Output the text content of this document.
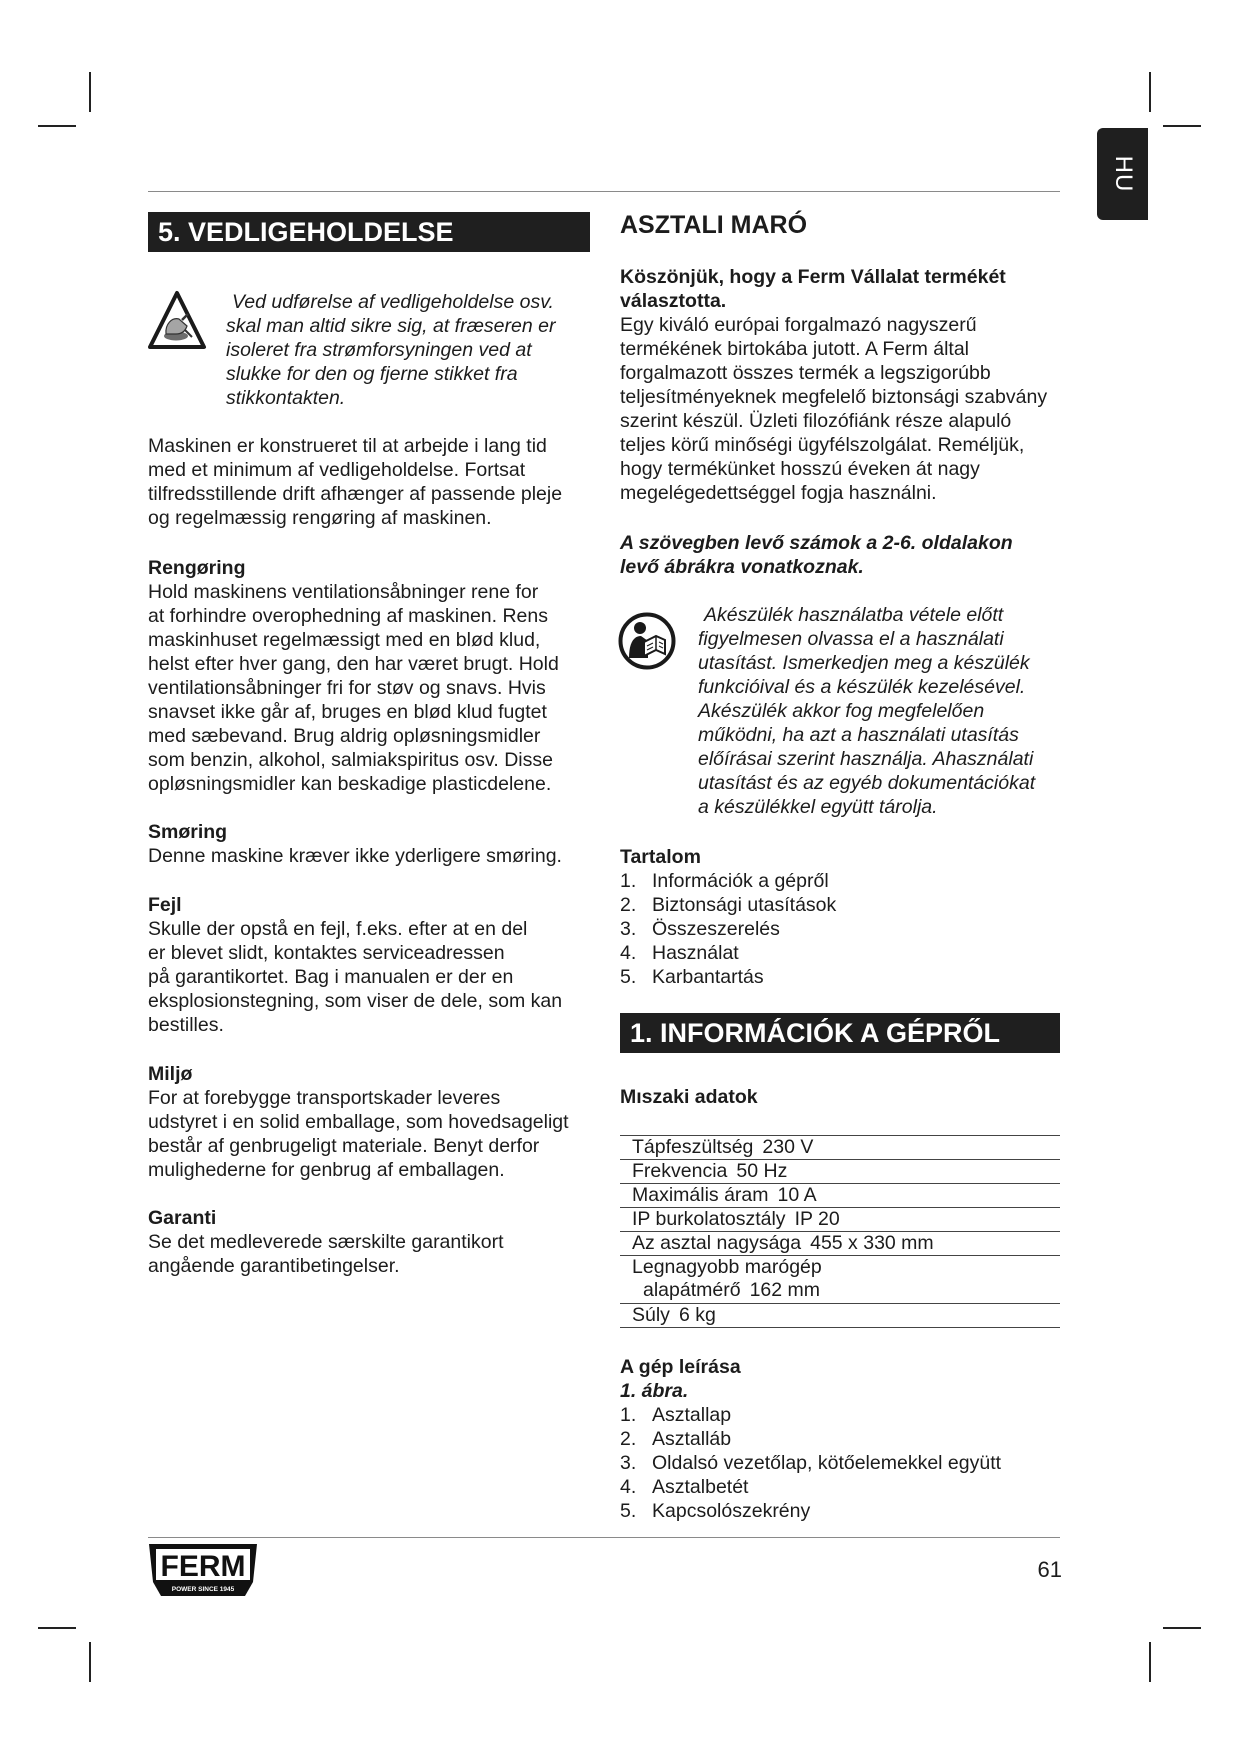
HU
5. VEDLIGEHOLDELSE
Ved udførelse af vedligeholdelse osv.
skal man altid sikre sig, at fræseren er
isoleret fra strømforsyningen ved at
slukke for den og fjerne stikket fra
stikkontakten.
Maskinen er konstrueret til at arbejde i lang tid
med et minimum af vedligeholdelse. Fortsat
tilfredsstillende drift afhænger af passende pleje
og regelmæssig rengøring af maskinen.
Rengøring
Hold maskinens ventilationsåbninger rene for
at forhindre overophedning af maskinen. Rens
maskinhuset regelmæssigt med en blød klud,
helst efter hver gang, den har været brugt. Hold
ventilationsåbninger fri for støv og snavs. Hvis
snavset ikke går af, bruges en blød klud fugtet
med sæbevand. Brug aldrig opløsningsmidler
som benzin, alkohol, salmiakspiritus osv. Disse
opløsningsmidler kan beskadige plasticdelene.
Smøring
Denne maskine kræver ikke yderligere smøring.
Fejl
Skulle der opstå en fejl, f.eks. efter at en del
er blevet slidt, kontaktes serviceadressen
på garantikortet. Bag i manualen er der en
eksplosionstegning, som viser de dele, som kan
bestilles.
Miljø
For at forebygge transportskader leveres
udstyret i en solid emballage, som hovedsageligt
består af genbrugeligt materiale. Benyt derfor
mulighederne for genbrug af emballagen.
Garanti
Se det medleverede særskilte garantikort
angående garantibetingelser.
ASZTALI MARÓ
Köszönjük, hogy a Ferm Vállalat termékét
választotta.
Egy kiváló európai forgalmazó nagyszerű
termékének birtokába jutott. A Ferm által
forgalmazott összes termék a legszigorúbb
teljesítményeknek megfelelő biztonsági szabvány
szerint készül. Üzleti filozófiánk része alapuló
teljes körű minőségi ügyfélszolgálat. Reméljük,
hogy termékünket hosszú éveken át nagy
megelégedettséggel fogja használni.
A szövegben levő számok a 2-6. oldalakon
levő ábrákra vonatkoznak.
Akészülék használatba vétele előtt
figyelmesen olvassa el a használati
utasítást. Ismerkedjen meg a készülék
funkcióival és a készülék kezelésével.
Akészülék akkor fog megfelelően
működni, ha azt a használati utasítás
előírásai szerint használja. Ahasználati
utasítást és az egyéb dokumentációkat
a készülékkel együtt tárolja.
Tartalom
1. Információk a gépről
2. Biztonsági utasítások
3. Összeszerelés
4. Használat
5. Karbantartás
1. INFORMÁCIÓK A GÉPRŐL
Mıszaki adatok
Tápfeszültség 230 V
Frekvencia 50 Hz
Maximális áram 10 A
IP burkolatosztály IP 20
Az asztal nagysága 455 x 330 mm
Legnagyobb marógép
alapátmérő 162 mm
Súly 6 kg
A gép leírása
1. ábra.
1. Asztallap
2. Asztalláb
3. Oldalsó vezetőlap, kötőelemekkel együtt
4. Asztalbetét
5. Kapcsolószekrény
FERM
POWER SINCE 1945
61
